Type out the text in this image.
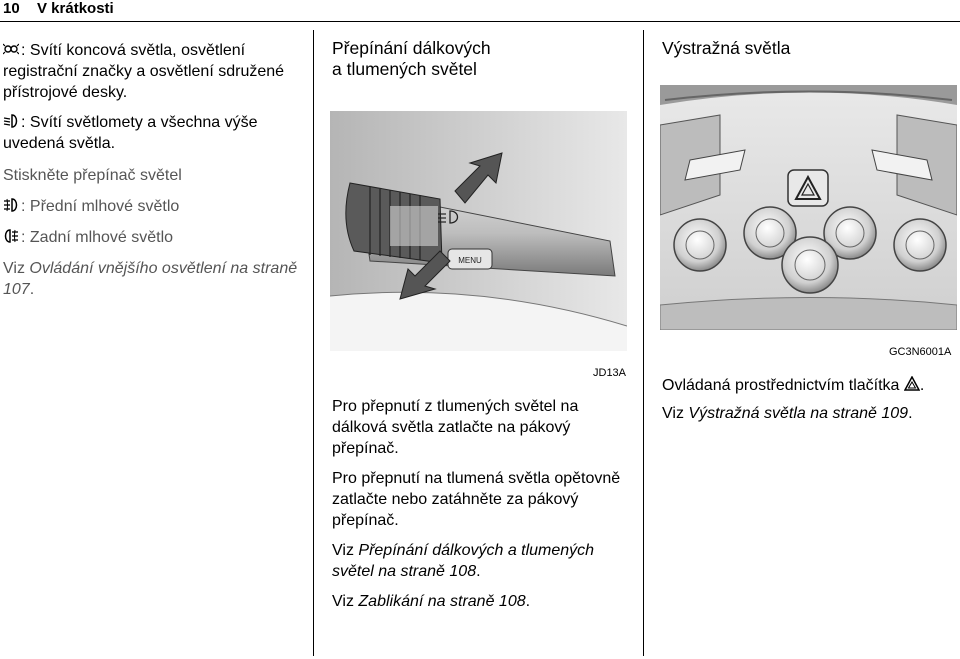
10 V krátkosti

: Svítí koncová světla, osvětlení registrační značky a osvětlení sdružené přístrojové desky.

: Svítí světlomety a všechna výše uvedená světla.

Stiskněte přepínač světel

: Přední mlhové světlo

: Zadní mlhové světlo

Viz Ovládání vnějšího osvětlení na straně 107.

Přepínání dálkových
a tlumených světel
MENU
JD13A

Pro přepnutí z tlumených světel na dálková světla zatlačte na pákový přepínač.

Pro přepnutí na tlumená světla opětovně zatlačte nebo zatáhněte za pákový přepínač.

Viz Přepínání dálkových a tlumených světel na straně 108.

Viz Zablikání na straně 108.

Výstražná světla
GC3N6001A

Ovládaná prostřednictvím tlačítka .

Viz Výstražná světla na straně 109.
